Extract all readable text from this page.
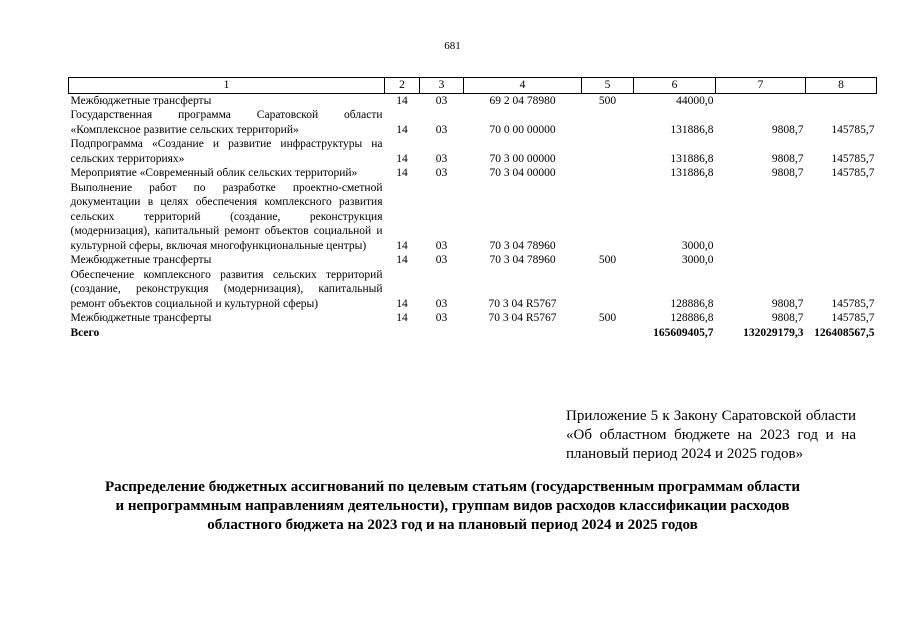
681
1	2	3	4	5	6	7	8
Межбюджетные трансферты	14	03	69 2 04 78980	500	44000,0		
Государственная программа Саратовской области «Комплексное развитие сельских территорий»	14	03	70 0 00 00000		131886,8	9808,7	145785,7
Подпрограмма «Создание и развитие инфраструктуры на сельских территориях»	14	03	70 3 00 00000		131886,8	9808,7	145785,7
Мероприятие «Современный облик сельских территорий»	14	03	70 3 04 00000		131886,8	9808,7	145785,7
Выполнение работ по разработке проектно-сметной документации в целях обеспечения комплексного развития сельских территорий (создание, реконструкция (модернизация), капитальный ремонт объектов социальной и культурной сферы, включая многофункциональные центры)	14	03	70 3 04 78960		3000,0		
Межбюджетные трансферты	14	03	70 3 04 78960	500	3000,0		
Обеспечение комплексного развития сельских территорий (создание, реконструкция (модернизация), капитальный ремонт объектов социальной и культурной сферы)	14	03	70 3 04 R5767		128886,8	9808,7	145785,7
Межбюджетные трансферты	14	03	70 3 04 R5767	500	128886,8	9808,7	145785,7
Всего					165609405,7	132029179,3	126408567,5
Приложение 5 к Закону Саратовской области «Об областном бюджете на 2023 год и на плановый период 2024 и 2025 годов»
Распределение бюджетных ассигнований по целевым статьям (государственным программам области
и непрограммным направлениям деятельности), группам видов расходов классификации расходов
областного бюджета на 2023 год и на плановый период 2024 и 2025 годов
